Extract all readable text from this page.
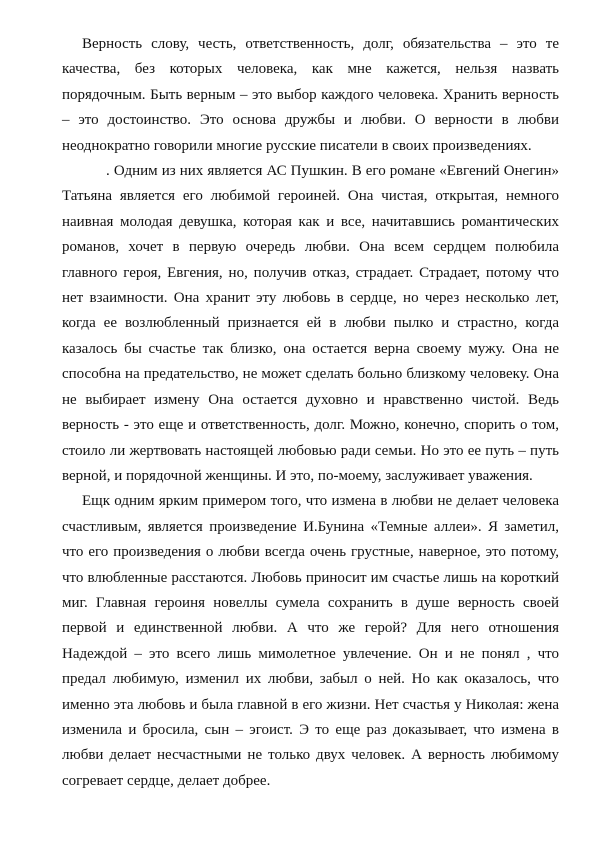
Верность слову, честь, ответственность, долг, обязательства – это те качества, без которых человека, как мне кажется, нельзя назвать порядочным. Быть верным – это выбор каждого человека. Хранить верность – это достоинство. Это основа дружбы и любви. О верности в любви неоднократно говорили многие русские писатели в своих произведениях.

. Одним из них является АС Пушкин. В его романе «Евгений Онегин» Татьяна является его любимой героиней. Она чистая, открытая, немного наивная молодая девушка, которая как и все, начитавшись романтических романов, хочет в первую очередь любви. Она всем сердцем полюбила главного героя, Евгения, но, получив отказ, страдает. Страдает, потому что нет взаимности. Она хранит эту любовь в сердце, но через несколько лет, когда ее возлюбленный признается ей в любви пылко и страстно, когда казалось бы счастье так близко, она остается верна своему мужу. Она не способна на предательство, не может сделать больно близкому человеку. Она не выбирает измену Она остается духовно и нравственно чистой. Ведь верность - это еще и ответственность, долг. Можно, конечно, спорить о том, стоило ли жертвовать настоящей любовью ради семьи. Но это ее путь – путь верной, и порядочной женщины. И это, по-моему, заслуживает уважения.

Ещк одним ярким примером того, что измена в любви не делает человека счастливым, является произведение И.Бунина «Темные аллеи». Я заметил, что его произведения о любви всегда очень грустные, наверное, это потому, что влюбленные расстаются. Любовь приносит им счастье лишь на короткий миг. Главная героиня новеллы сумела сохранить в душе верность своей первой и единственной любви. А что же герой? Для него отношения Надеждой – это всего лишь мимолетное увлечение. Он и не понял , что предал любимую, изменил их любви, забыл о ней. Но как оказалось, что именно эта любовь и была главной в его жизни. Нет счастья у Николая: жена изменила и бросила, сын – эгоист. Э то еще раз доказывает, что измена в любви делает несчастными не только двух человек. А верность любимому согревает сердце, делает добрее.
